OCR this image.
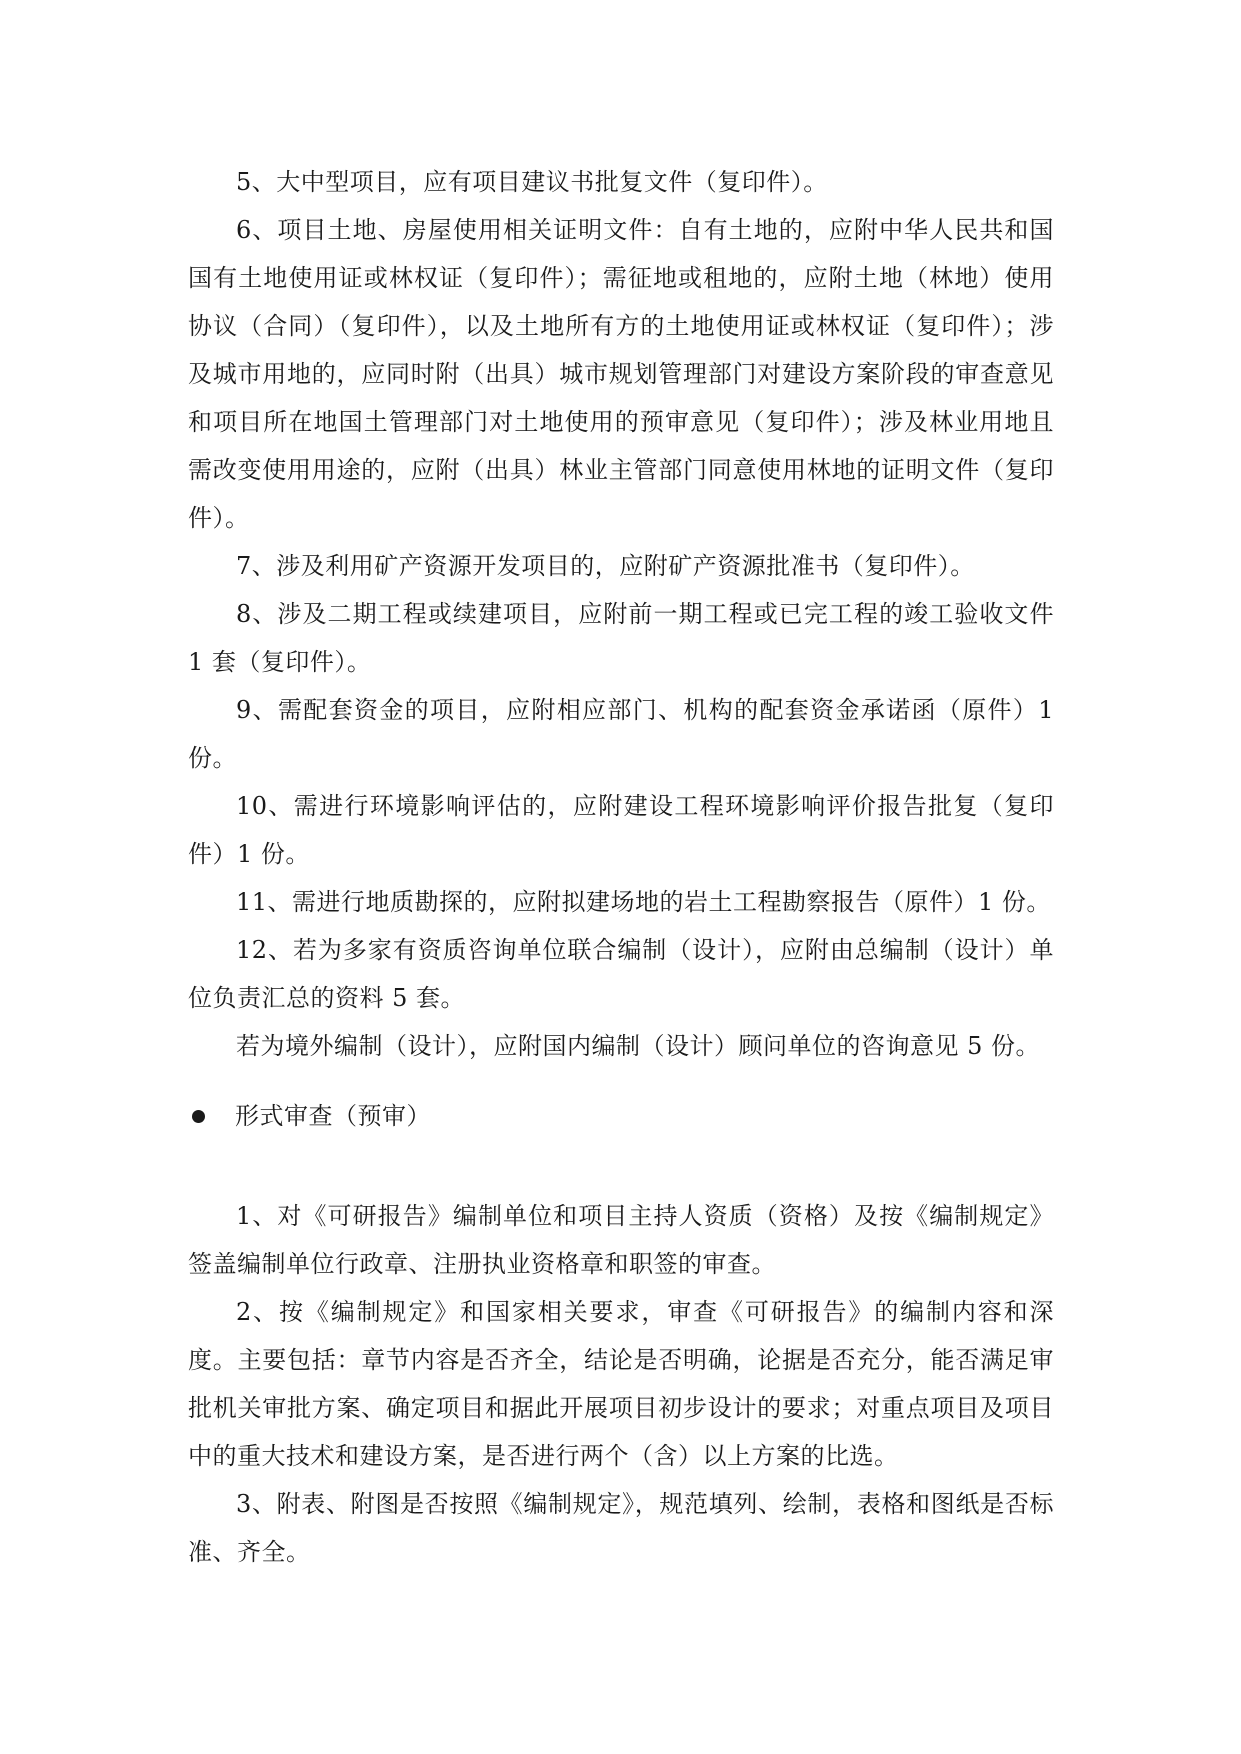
5、大中型项目，应有项目建议书批复文件（复印件）。

6、项目土地、房屋使用相关证明文件：自有土地的，应附中华人民共和国国有土地使用证或林权证（复印件）；需征地或租地的，应附土地（林地）使用协议（合同）（复印件），以及土地所有方的土地使用证或林权证（复印件）；涉及城市用地的，应同时附（出具）城市规划管理部门对建设方案阶段的审查意见和项目所在地国土管理部门对土地使用的预审意见（复印件）；涉及林业用地且需改变使用用途的，应附（出具）林业主管部门同意使用林地的证明文件（复印件）。

7、涉及利用矿产资源开发项目的，应附矿产资源批准书（复印件）。

8、涉及二期工程或续建项目，应附前一期工程或已完工程的竣工验收文件 1 套（复印件）。

9、需配套资金的项目，应附相应部门、机构的配套资金承诺函（原件）1 份。

10、需进行环境影响评估的，应附建设工程环境影响评价报告批复（复印件）1 份。

11、需进行地质勘探的，应附拟建场地的岩土工程勘察报告（原件）1 份。

12、若为多家有资质咨询单位联合编制（设计），应附由总编制（设计）单位负责汇总的资料 5 套。

若为境外编制（设计），应附国内编制（设计）顾问单位的咨询意见 5 份。

形式审查（预审）

1、对《可研报告》编制单位和项目主持人资质（资格）及按《编制规定》签盖编制单位行政章、注册执业资格章和职签的审查。

2、按《编制规定》和国家相关要求，审查《可研报告》的编制内容和深度。主要包括：章节内容是否齐全，结论是否明确，论据是否充分，能否满足审批机关审批方案、确定项目和据此开展项目初步设计的要求；对重点项目及项目中的重大技术和建设方案，是否进行两个（含）以上方案的比选。

3、附表、附图是否按照《编制规定》，规范填列、绘制，表格和图纸是否标准、齐全。
